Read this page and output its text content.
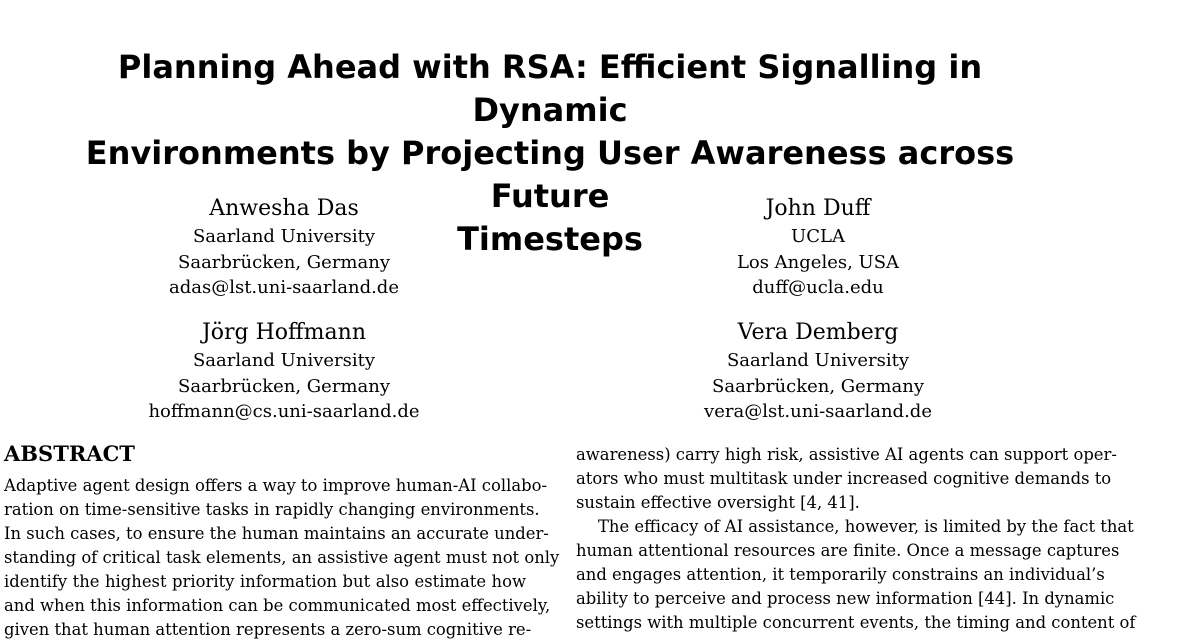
Planning Ahead with RSA: Efficient Signalling in Dynamic
Environments by Projecting User Awareness across Future
Timesteps
Anwesha Das
Saarland University
Saarbrücken, Germany
adas@lst.uni-saarland.de
John Duff
UCLA
Los Angeles, USA
duff@ucla.edu
Jörg Hoffmann
Saarland University
Saarbrücken, Germany
hoffmann@cs.uni-saarland.de
Vera Demberg
Saarland University
Saarbrücken, Germany
vera@lst.uni-saarland.de
ABSTRACT
Adaptive agent design offers a way to improve human-AI collabo-
ration on time-sensitive tasks in rapidly changing environments.
In such cases, to ensure the human maintains an accurate under-
standing of critical task elements, an assistive agent must not only
identify the highest priority information but also estimate how
and when this information can be communicated most effectively,
given that human attention represents a zero-sum cognitive re-
awareness) carry high risk, assistive AI agents can support oper-
ators who must multitask under increased cognitive demands to
sustain effective oversight [4, 41].
The efficacy of AI assistance, however, is limited by the fact that
human attentional resources are finite. Once a message captures
and engages attention, it temporarily constrains an individual’s
ability to perceive and process new information [44]. In dynamic
settings with multiple concurrent events, the timing and content of
